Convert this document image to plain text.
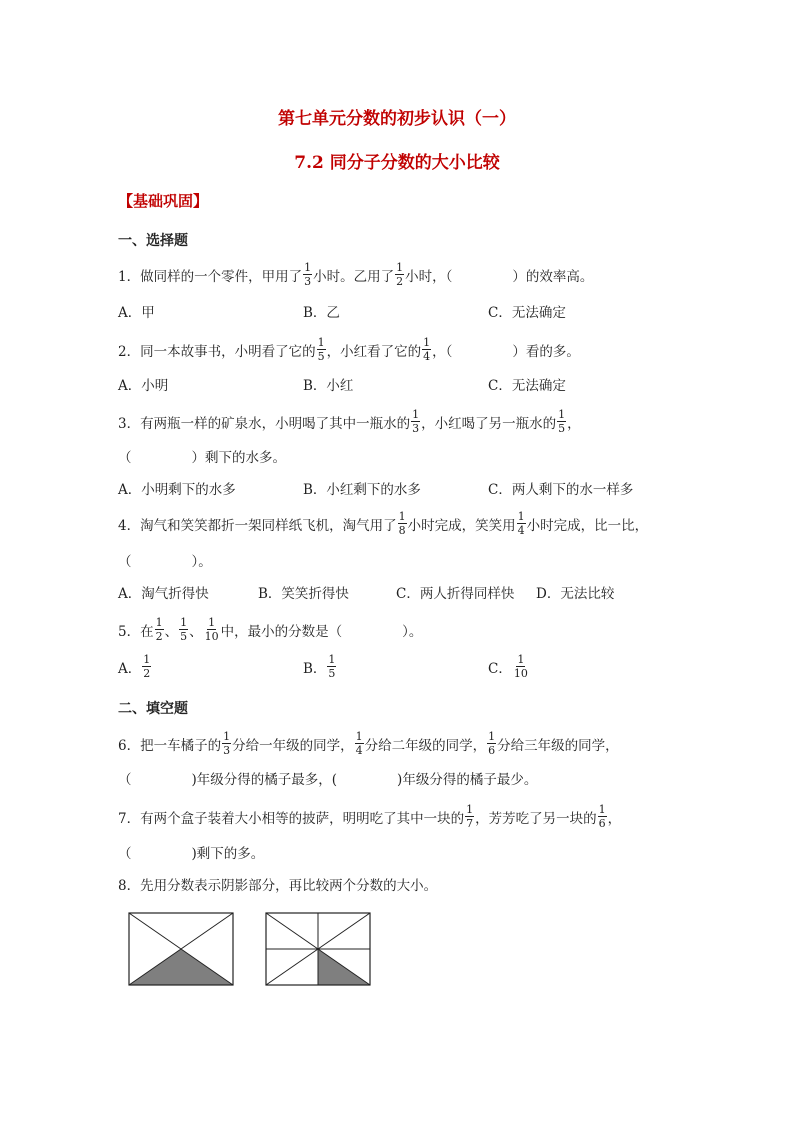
第七单元分数的初步认识（一）
7.2 同分子分数的大小比较
【基础巩固】
一、选择题
1．做同样的一个零件，甲用了 $\frac{1}{3}$ 小时。乙用了 $\frac{1}{2}$ 小时，（	）的效率高。
A．甲	B．乙	C．无法确定
2．同一本故事书，小明看了它的 $\frac{1}{5}$ ，小红看了它的 $\frac{1}{4}$ ，（	）看的多。
A．小明	B．小红	C．无法确定
3．有两瓶一样的矿泉水，小明喝了其中一瓶水的 $\frac{1}{3}$ ，小红喝了另一瓶水的 $\frac{1}{5}$ ，
（	）剩下的水多。
A．小明剩下的水多	B．小红剩下的水多	C．两人剩下的水一样多
4．淘气和笑笑都折一架同样纸飞机，淘气用了 $\frac{1}{8}$ 小时完成，笑笑用 $\frac{1}{4}$ 小时完成，比一比，
（	）。
A．淘气折得快	B．笑笑折得快	C．两人折得同样快 D．无法比较
5．在 $\frac{1}{2}$ 、 $\frac{1}{5}$ 、 $\frac{1}{10}$ 中，最小的分数是（	）。
A． $\frac{1}{2}$	B． $\frac{1}{5}$	C． $\frac{1}{10}$
二、填空题
6．把一车橘子的 $\frac{1}{3}$ 分给一年级的同学， $\frac{1}{4}$ 分给二年级的同学， $\frac{1}{6}$ 分给三年级的同学，
（	)年级分得的橘子最多，(	)年级分得的橘子最少。
7．有两个盒子装着大小相等的披萨，明明吃了其中一块的 $\frac{1}{7}$ ，芳芳吃了另一块的 $\frac{1}{6}$ ，
（	)剩下的多。
8．先用分数表示阴影部分，再比较两个分数的大小。
